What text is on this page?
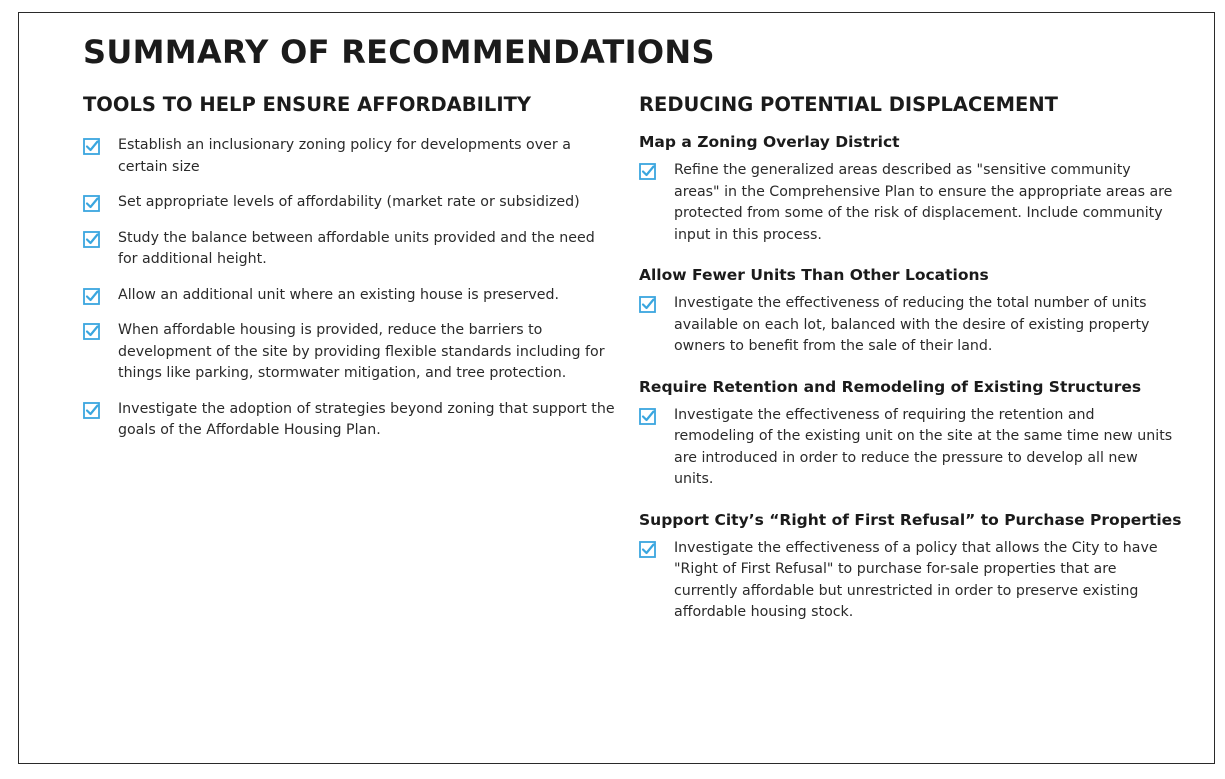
SUMMARY OF RECOMMENDATIONS
TOOLS TO HELP ENSURE AFFORDABILITY
Establish an inclusionary zoning policy for developments over a certain size
Set appropriate levels of affordability (market rate or subsidized)
Study the balance between affordable units provided and the need for additional height.
Allow an additional unit where an existing house is preserved.
When affordable housing is provided, reduce the barriers to development of the site by providing flexible standards including for things like parking, stormwater mitigation, and tree protection.
Investigate the adoption of strategies beyond zoning that support the goals of the Affordable Housing Plan.
REDUCING POTENTIAL DISPLACEMENT
Map a Zoning Overlay District
Refine the generalized areas described as "sensitive community areas" in the Comprehensive Plan to ensure the appropriate areas are protected from some of the risk of displacement. Include community input in this process.
Allow Fewer Units Than Other Locations
Investigate the effectiveness of reducing the total number of units available on each lot, balanced with the desire of existing property owners to benefit from the sale of their land.
Require Retention and Remodeling of Existing Structures
Investigate the effectiveness of requiring the retention and remodeling of the existing unit on the site at the same time new units are introduced in order to reduce the pressure to develop all new units.
Support City’s “Right of First Refusal” to Purchase Properties
Investigate the effectiveness of a policy that allows the City to have "Right of First Refusal" to purchase for-sale properties that are currently affordable but unrestricted in order to preserve existing affordable housing stock.
